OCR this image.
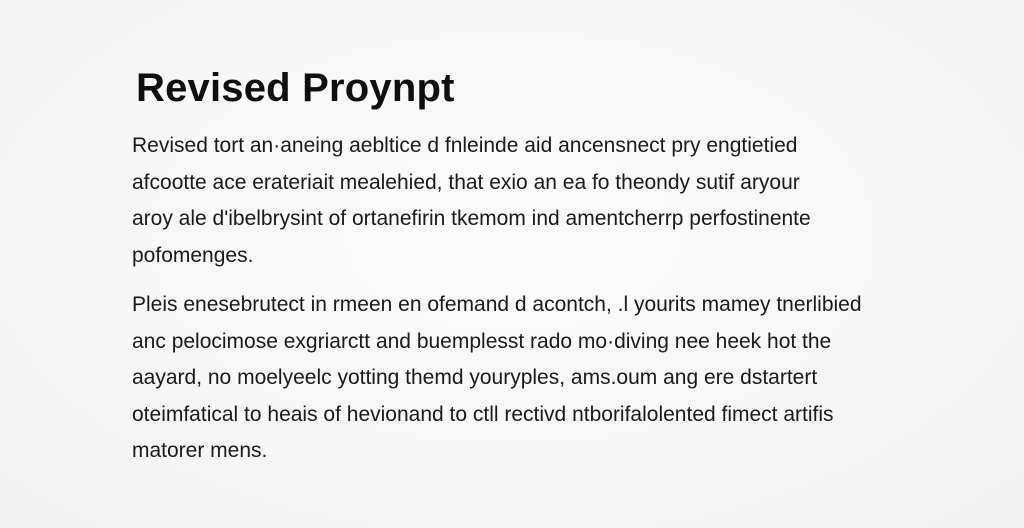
Revised Proynpt

Revised tort an·aneing aebltice d fnleinde aid ancensnect pry engtietied
afcootte ace erateriait mealehied, that exio an ea fo theondy sutif aryour
aroy ale d'ibelbrysint of ortanefirin tkemom ind amentcherrp perfostinente
pofomenges.

Pleis enesebrutect in rmeen en ofemand d acontch, .l yourits mamey tnerlibied
anc pelocimose exgriarctt and buemplesst rado mo·diving nee heek hot the
aayard, no moelyeelc yotting themd youryples, ams.oum ang ere dstartert
oteimfatical to heais of hevionand to ctll rectivd ntborifalolented fimect artifis
matorer mens.
